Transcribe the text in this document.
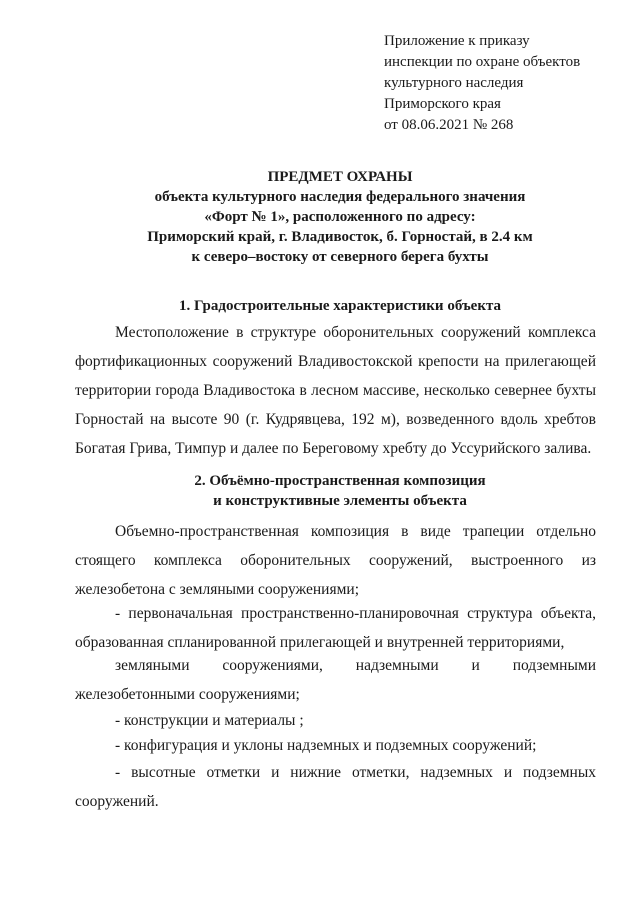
Приложение к приказу
инспекции по охране объектов
культурного наследия
Приморского края
от 08.06.2021 № 268
ПРЕДМЕТ ОХРАНЫ
объекта культурного наследия федерального значения
«Форт № 1», расположенного по адресу:
Приморский край, г. Владивосток, б. Горностай, в 2.4 км
к северо–востоку от северного берега бухты
1. Градостроительные характеристики объекта
Местоположение в структуре оборонительных сооружений комплекса фортификационных сооружений Владивостокской крепости на прилегающей территории города Владивостока в лесном массиве, несколько севернее бухты Горностай на высоте 90 (г. Кудрявцева, 192 м), возведенного вдоль хребтов Богатая Грива, Тимпур и далее по Береговому хребту до Уссурийского залива.
2. Объёмно-пространственная композиция
и конструктивные элементы объекта
Объемно-пространственная композиция в виде трапеции отдельно стоящего комплекса оборонительных сооружений, выстроенного из железобетона с земляными сооружениями;
- первоначальная пространственно-планировочная структура объекта, образованная спланированной прилегающей и внутренней территориями,
земляными сооружениями, надземными и подземными железобетонными сооружениями;
- конструкции и материалы ;
- конфигурация и уклоны надземных и подземных сооружений;
- высотные отметки и нижние отметки, надземных и подземных сооружений.
